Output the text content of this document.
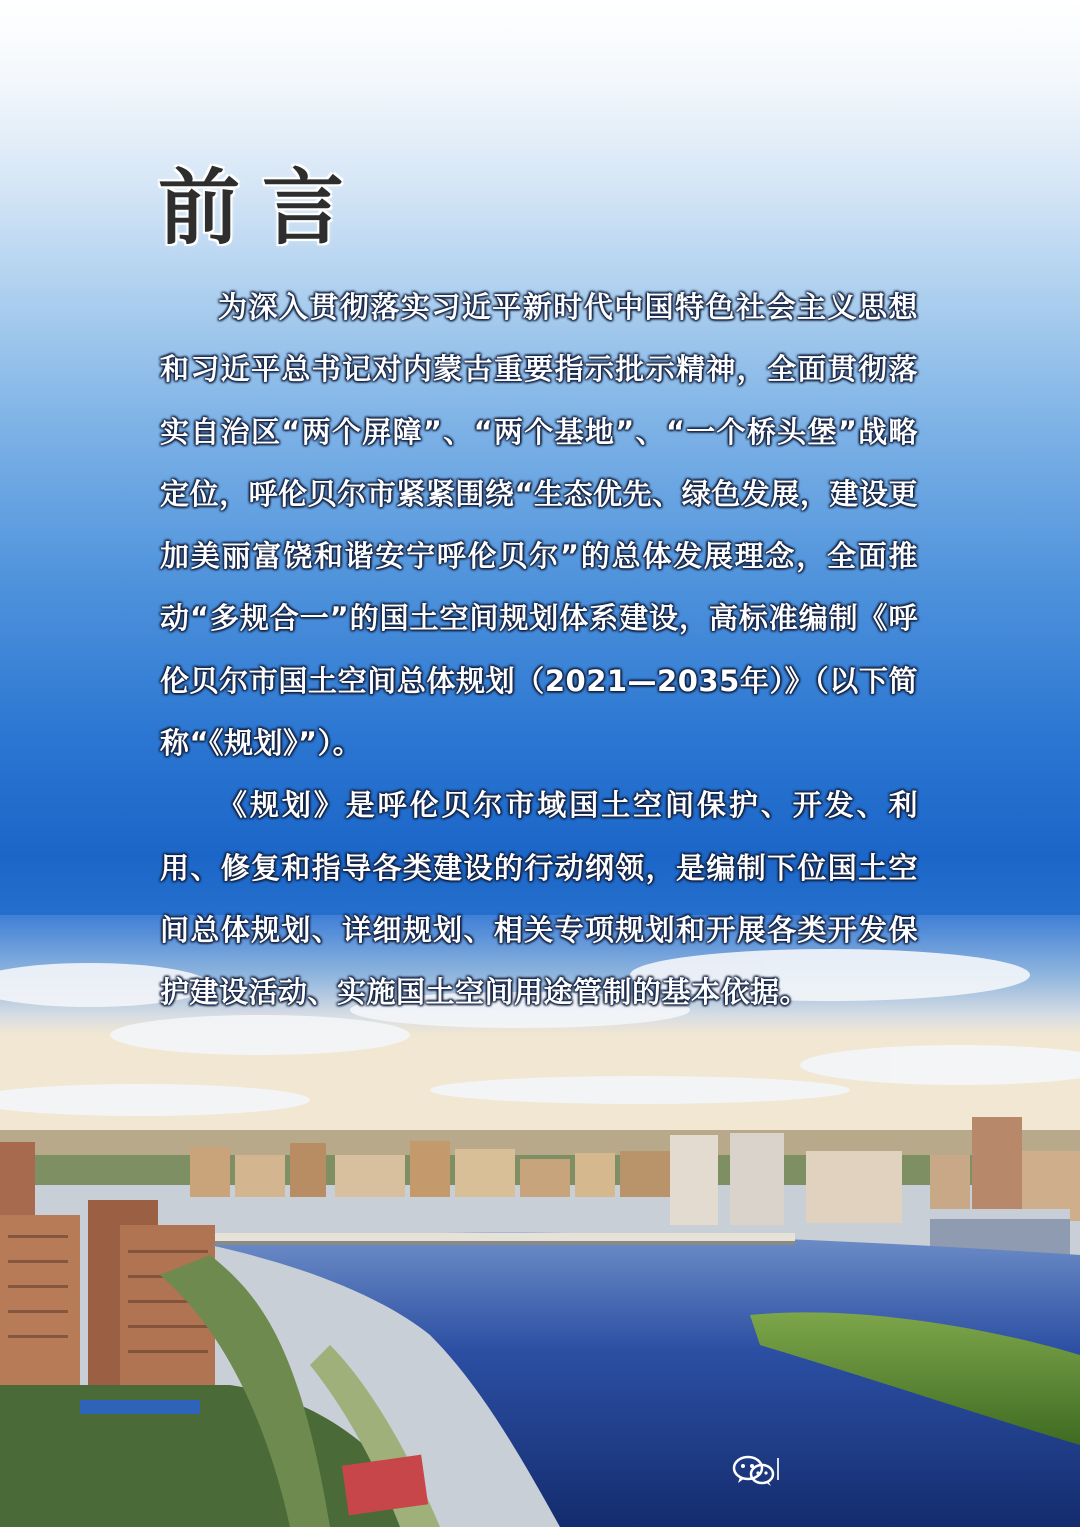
前言

为深入贯彻落实习近平新时代中国特色社会主义思想和习近平总书记对内蒙古重要指示批示精神，全面贯彻落实自治区“两个屏障”、“两个基地”、“一个桥头堡”战略定位，呼伦贝尔市紧紧围绕“生态优先、绿色发展，建设更加美丽富饶和谐安宁呼伦贝尔”的总体发展理念，全面推动“多规合一”的国土空间规划体系建设，高标准编制《呼伦贝尔市国土空间总体规划（2021—2035年）》（以下简称“《规划》”）。

《规划》是呼伦贝尔市域国土空间保护、开发、利用、修复和指导各类建设的行动纲领，是编制下位国土空间总体规划、详细规划、相关专项规划和开展各类开发保护建设活动、实施国土空间用途管制的基本依据。
